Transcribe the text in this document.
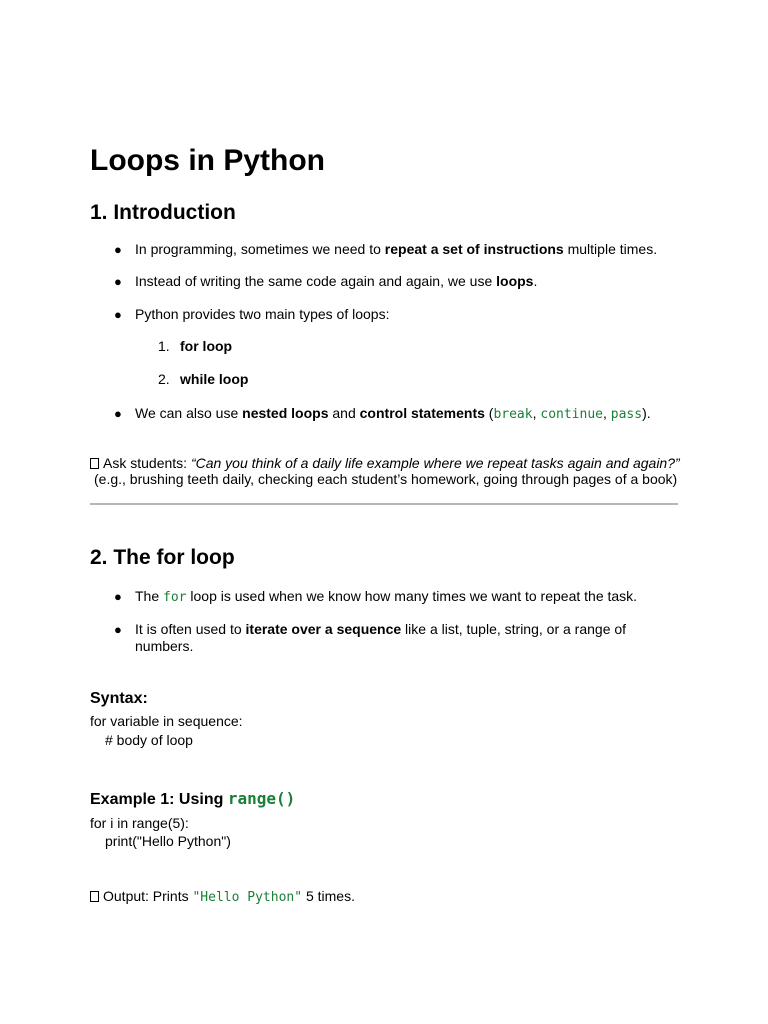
Loops in Python
1. Introduction
● In programming, sometimes we need to repeat a set of instructions multiple times.
● Instead of writing the same code again and again, we use loops.
● Python provides two main types of loops:
1. for loop
2. while loop
● We can also use nested loops and control statements (break, continue, pass).
Ask students: “Can you think of a daily life example where we repeat tasks again and again?”
(e.g., brushing teeth daily, checking each student’s homework, going through pages of a book)
2. The for loop
● The for loop is used when we know how many times we want to repeat the task.
● It is often used to iterate over a sequence like a list, tuple, string, or a range of
numbers.
Syntax:
for variable in sequence:
# body of loop
Example 1: Using range()
for i in range(5):
print("Hello Python")
Output: Prints "Hello Python" 5 times.
